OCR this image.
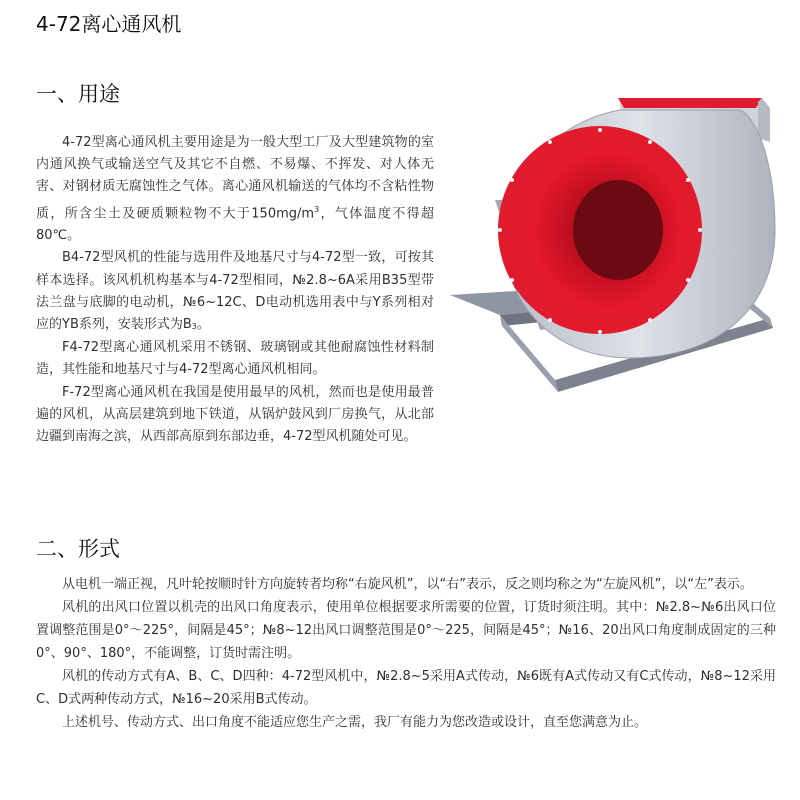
4-72离心通风机
一、用途

4-72型离心通风机主要用途是为一般大型工厂及大型建筑物的室内通风换气或输送空气及其它不自燃、不易爆、不挥发、对人体无害、对钢材质无腐蚀性之气体。离心通风机输送的气体均不含粘性物质，所含尘土及硬质颗粒物不大于$150mg/m^3$，气体温度不得超80℃。

B4-72型风机的性能与选用件及地基尺寸与4-72型一致，可按其样本选择。该风机机构基本与4-72型相同，№2.8~6A采用B35型带法兰盘与底脚的电动机，№6~12C、D电动机选用表中与Y系列相对应的YB系列，安装形式为B3。

F4-72型离心通风机采用不锈钢、玻璃钢或其他耐腐蚀性材料制造，其性能和地基尺寸与4-72型离心通风机相同。

F-72型离心通风机在我国是使用最早的风机，然而也是使用最普遍的风机，从高层建筑到地下铁道，从锅炉鼓风到厂房换气，从北部边疆到南海之滨，从西部高原到东部边垂，4-72型风机随处可见。

二、形式

从电机一端正视，凡叶轮按顺时针方向旋转者均称“右旋风机”，以“右”表示，反之则均称之为“左旋风机”，以“左”表示。

风机的出风口位置以机壳的出风口角度表示，使用单位根据要求所需要的位置，订货时须注明。其中：№2.8~№6出风口位置调整范围是0°～225°，间隔是45°；№8~12出风口调整范围是0°～225，间隔是45°；№16、20出风口角度制成固定的三种0°、90°、180°，不能调整，订货时需注明。

风机的传动方式有A、B、C、D四种：4-72型风机中，№2.8~5采用A式传动，№6既有A式传动又有C式传动，№8~12采用C、D式两种传动方式，№16~20采用B式传动。

上述机号、传动方式、出口角度不能适应您生产之需，我厂有能力为您改造或设计，直至您满意为止。
